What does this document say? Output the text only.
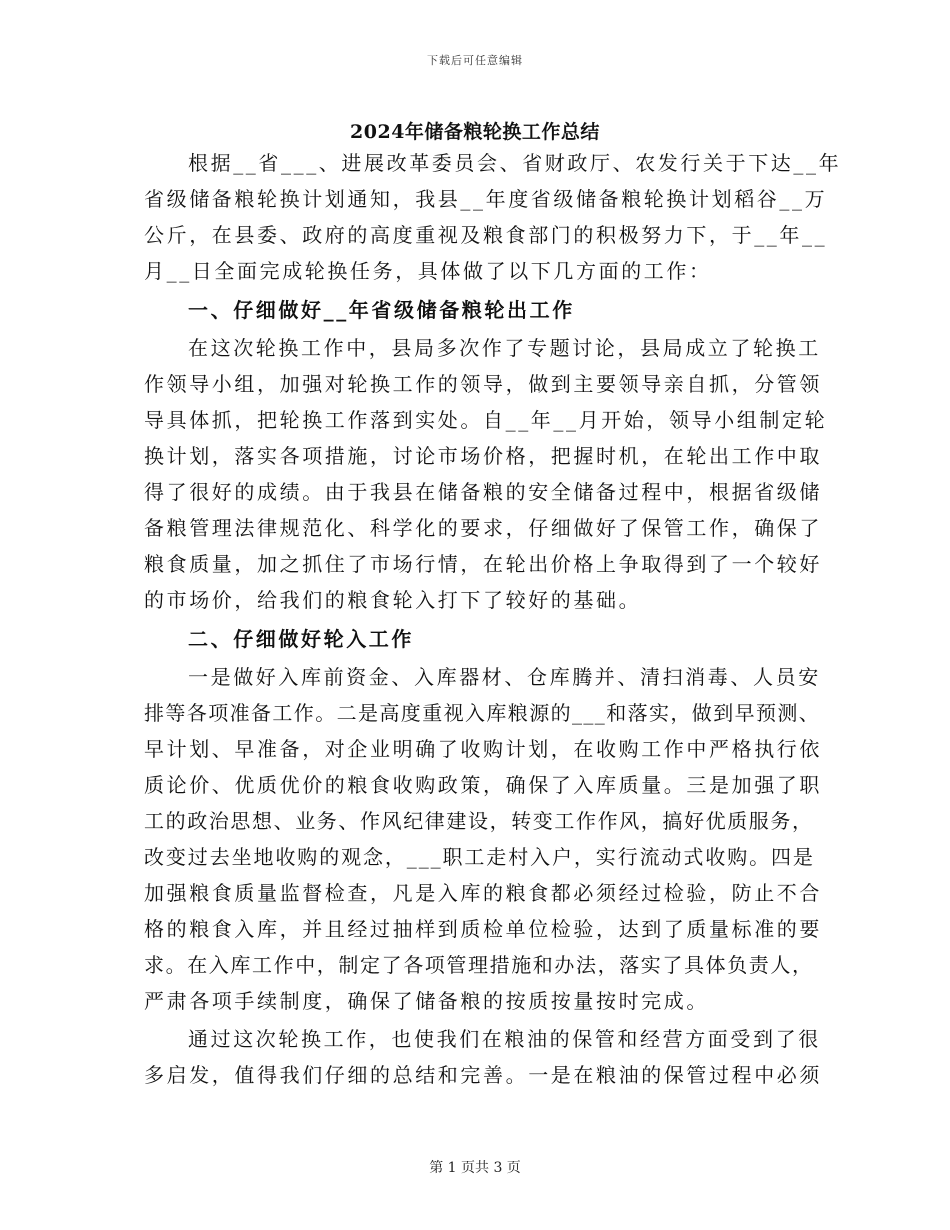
下载后可任意编辑
2024年储备粮轮换工作总结
根据__省___、进展改革委员会、省财政厅、农发行关于下达__年
省级储备粮轮换计划通知，我县__年度省级储备粮轮换计划稻谷__万
公斤，在县委、政府的高度重视及粮食部门的积极努力下，于__年__
月__日全面完成轮换任务，具体做了以下几方面的工作：
一、仔细做好__年省级储备粮轮出工作
在这次轮换工作中，县局多次作了专题讨论，县局成立了轮换工
作领导小组，加强对轮换工作的领导，做到主要领导亲自抓，分管领
导具体抓，把轮换工作落到实处。自__年__月开始，领导小组制定轮
换计划，落实各项措施，讨论市场价格，把握时机，在轮出工作中取
得了很好的成绩。由于我县在储备粮的安全储备过程中，根据省级储
备粮管理法律规范化、科学化的要求，仔细做好了保管工作，确保了
粮食质量，加之抓住了市场行情，在轮出价格上争取得到了一个较好
的市场价，给我们的粮食轮入打下了较好的基础。
二、仔细做好轮入工作
一是做好入库前资金、入库器材、仓库腾并、清扫消毒、人员安
排等各项准备工作。二是高度重视入库粮源的___和落实，做到早预测、
早计划、早准备，对企业明确了收购计划，在收购工作中严格执行依
质论价、优质优价的粮食收购政策，确保了入库质量。三是加强了职
工的政治思想、业务、作风纪律建设，转变工作作风，搞好优质服务，
改变过去坐地收购的观念，___职工走村入户，实行流动式收购。四是
加强粮食质量监督检查，凡是入库的粮食都必须经过检验，防止不合
格的粮食入库，并且经过抽样到质检单位检验，达到了质量标准的要
求。在入库工作中，制定了各项管理措施和办法，落实了具体负责人，
严肃各项手续制度，确保了储备粮的按质按量按时完成。
通过这次轮换工作，也使我们在粮油的保管和经营方面受到了很
多启发，值得我们仔细的总结和完善。一是在粮油的保管过程中必须
第 1 页共 3 页
